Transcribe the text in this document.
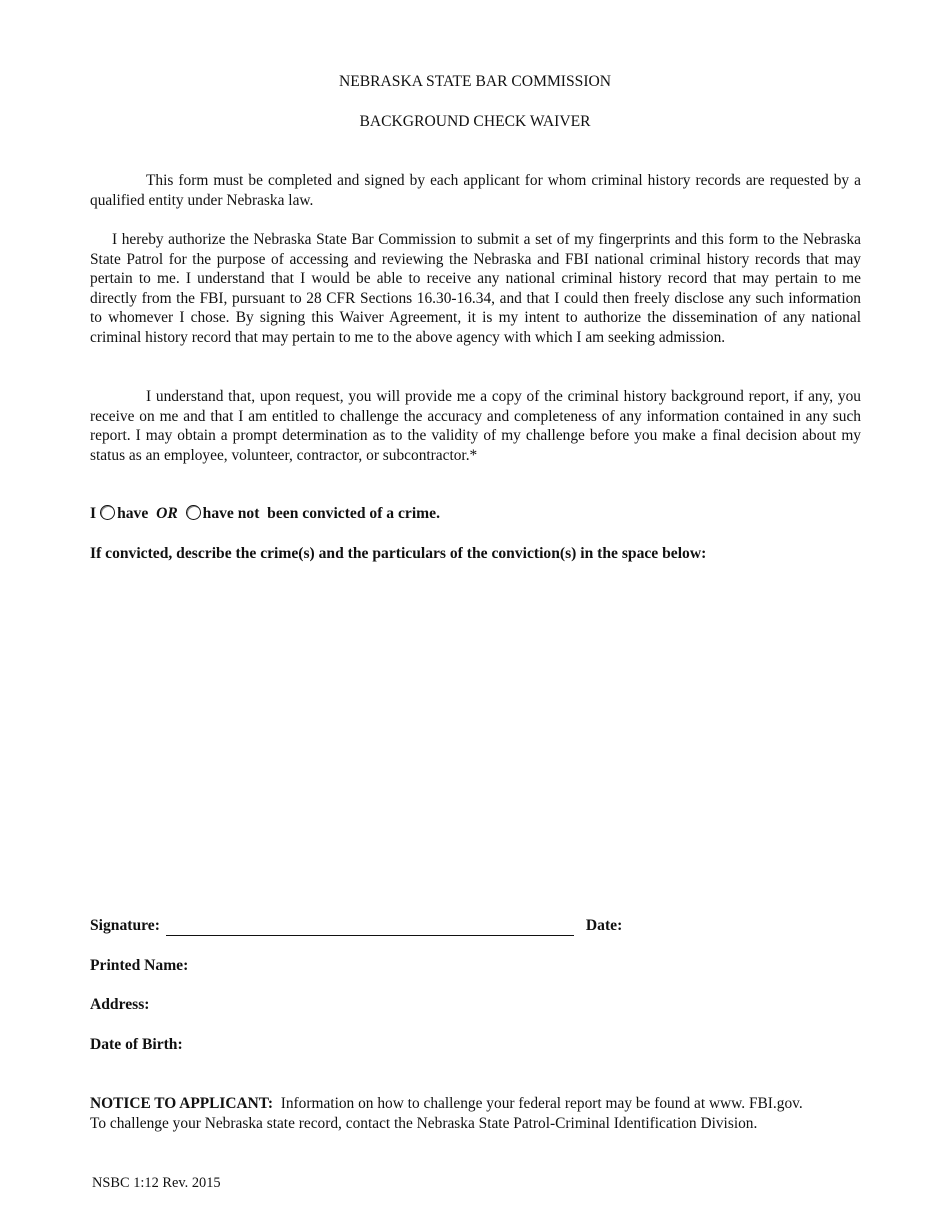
NEBRASKA STATE BAR COMMISSION
BACKGROUND CHECK WAIVER

This form must be completed and signed by each applicant for whom criminal history records are requested by a qualified entity under Nebraska law.

I hereby authorize the Nebraska State Bar Commission to submit a set of my fingerprints and this form to the Nebraska State Patrol for the purpose of accessing and reviewing the Nebraska and FBI national criminal history records that may pertain to me. I understand that I would be able to receive any national criminal history record that may pertain to me directly from the FBI, pursuant to 28 CFR Sections 16.30-16.34, and that I could then freely disclose any such information to whomever I chose. By signing this Waiver Agreement, it is my intent to authorize the dissemination of any national criminal history record that may pertain to me to the above agency with which I am seeking admission.

I understand that, upon request, you will provide me a copy of the criminal history background report, if any, you receive on me and that I am entitled to challenge the accuracy and completeness of any information contained in any such report. I may obtain a prompt determination as to the validity of my challenge before you make a final decision about my status as an employee, volunteer, contractor, or subcontractor.*

I have
OR
have not  been convicted of a crime.
If convicted, describe the crime(s) and the particulars of the conviction(s) in the space below:
Signature:	Date:
Printed Name:
Address:
Date of Birth:

NOTICE TO APPLICANT: Information on how to challenge your federal report may be found at www. FBI.gov. To challenge your Nebraska state record, contact the Nebraska State Patrol-Criminal Identification Division.

NSBC 1:12 Rev. 2015
